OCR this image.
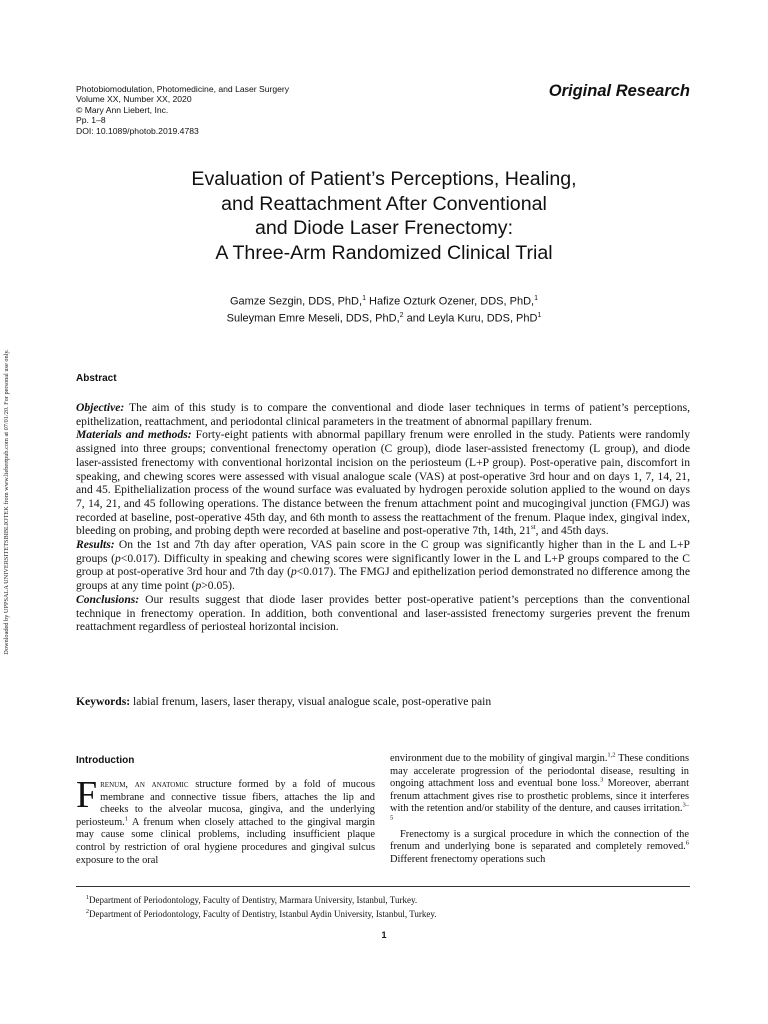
Photobiomodulation, Photomedicine, and Laser Surgery
Volume XX, Number XX, 2020
© Mary Ann Liebert, Inc.
Pp. 1–8
DOI: 10.1089/photob.2019.4783
Original Research
Evaluation of Patient’s Perceptions, Healing,
and Reattachment After Conventional
and Diode Laser Frenectomy:
A Three-Arm Randomized Clinical Trial
Gamze Sezgin, DDS, PhD,$^1$ Hafize Ozturk Ozener, DDS, PhD,$^1$
Suleyman Emre Meseli, DDS, PhD,$^2$ and Leyla Kuru, DDS, PhD$^1$
Downloaded by UPPSALA UNIVERSITETSBIBLIOTEK from www.liebertpub.com at 07/01/20. For personal use only.	Abstract

Objective: The aim of this study is to compare the conventional and diode laser techniques in terms of patient’s perceptions, epithelization, reattachment, and periodontal clinical parameters in the treatment of abnormal papillary frenum.

Materials and methods: Forty-eight patients with abnormal papillary frenum were enrolled in the study. Patients were randomly assigned into three groups; conventional frenectomy operation (C group), diode laser-assisted frenectomy (L group), and diode laser-assisted frenectomy with conventional horizontal incision on the periosteum (L+P group). Post-operative pain, discomfort in speaking, and chewing scores were assessed with visual analogue scale (VAS) at post-operative 3rd hour and on days 1, 7, 14, 21, and 45. Epithelialization process of the wound surface was evaluated by hydrogen peroxide solution applied to the wound on days 7, 14, 21, and 45 following operations. The distance between the frenum attachment point and mucogingival junction (FMGJ) was recorded at baseline, post-operative 45th day, and 6th month to assess the reattachment of the frenum. Plaque index, gingival index, bleeding on probing, and probing depth were recorded at baseline and post-operative 7th, 14th, 21st, and 45th days.

Results: On the 1st and 7th day after operation, VAS pain score in the C group was significantly higher than in the L and L+P groups (p<0.017). Difficulty in speaking and chewing scores were significantly lower in the L and L+P groups compared to the C group at post-operative 3rd hour and 7th day (p<0.017). The FMGJ and epithelization period demonstrated no difference among the groups at any time point (p>0.05).

Conclusions: Our results suggest that diode laser provides better post-operative patient’s perceptions than the conventional technique in frenectomy operation. In addition, both conventional and laser-assisted frenectomy surgeries prevent the frenum reattachment regardless of periosteal horizontal incision.

Keywords: labial frenum, lasers, laser therapy, visual analogue scale, post-operative pain
Introduction

Frenum, an anatomic structure formed by a fold of mucous membrane and connective tissue fibers, attaches the lip and cheeks to the alveolar mucosa, gingiva, and the underlying periosteum.$^1$ A frenum when closely attached to the gingival margin may cause some clinical problems, including insufficient plaque control by restriction of oral hygiene procedures and gingival sulcus exposure to the oral

environment due to the mobility of gingival margin.$^{1,2}$ These conditions may accelerate progression of the periodontal disease, resulting in ongoing attachment loss and eventual bone loss.$^3$ Moreover, aberrant frenum attachment gives rise to prosthetic problems, since it interferes with the retention and/or stability of the denture, and causes irritation.$^{3-5}$

Frenectomy is a surgical procedure in which the connection of the frenum and underlying bone is separated and completely removed.$^6$ Different frenectomy operations such

$^1$Department of Periodontology, Faculty of Dentistry, Marmara University, Istanbul, Turkey.
$^2$Department of Periodontology, Faculty of Dentistry, Istanbul Aydin University, Istanbul, Turkey.
1
